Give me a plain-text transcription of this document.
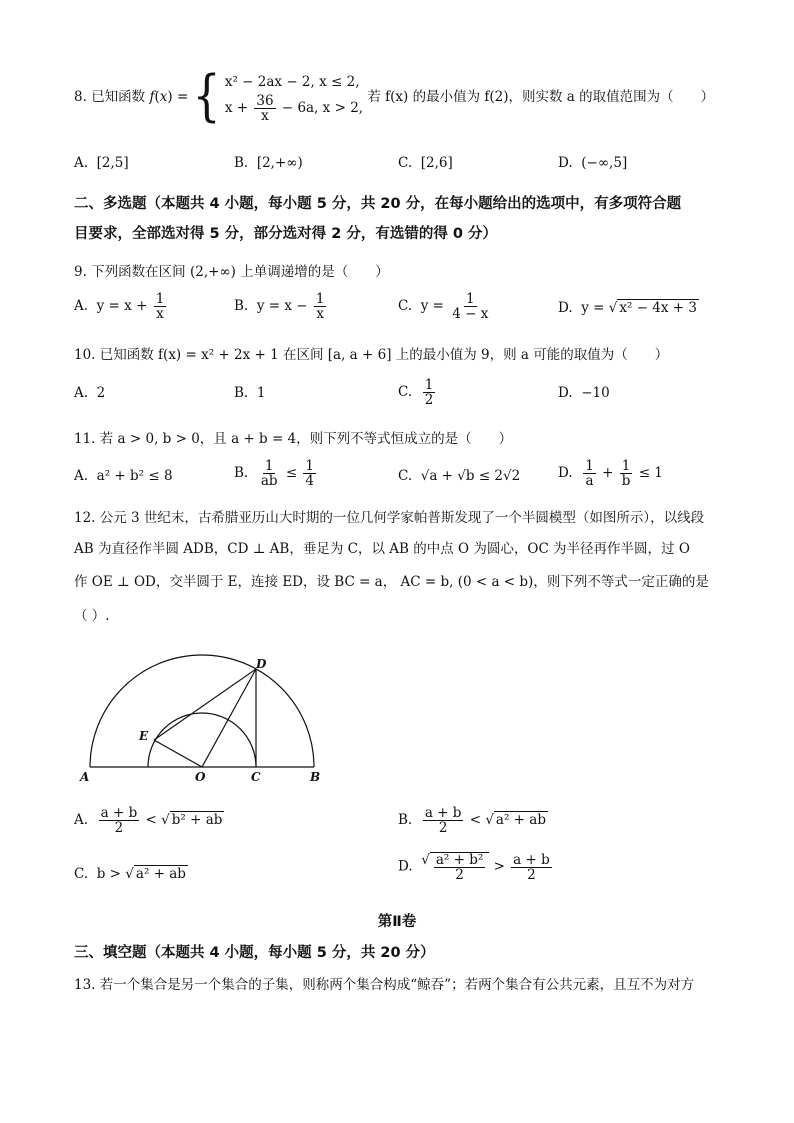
8. 已知函数 f(x) = { x² − 2ax − 2, x ≤ 2,
$x + \frac{36}{x} - 6a$, x > 2,
若 f(x) 的最小值为 f(2)，则实数 a 的取值范围为（　　）
A. [2,5]	B. [2,+∞)	C. [2,6]	D. (−∞,5]
二、多选题（本题共 4 小题，每小题 5 分，共 20 分，在每小题给出的选项中，有多项符合题
目要求，全部选对得 5 分，部分选对得 2 分，有选错的得 0 分）
9. 下列函数在区间 (2,+∞) 上单调递增的是（　　）
A. $y = x + \frac{1}{x}$	B. $y = x - \frac{1}{x}$	C. $y = \frac{1}{4 - x}$	D. y = √ x² − 4x + 3
10. 已知函数 f(x) = x² + 2x + 1 在区间 [a, a + 6] 上的最小值为 9，则 a 可能的取值为（　　）
A. 2	B. 1	C. $\frac{1}{2}$	D. −10
11. 若 a > 0, b > 0，且 a + b = 4，则下列不等式恒成立的是（　　）
A. a² + b² ≤ 8	B. $\frac{1}{ab} \le \frac{1}{4}$	C. √a + √b ≤ 2√2	D. $\frac{1}{a} + \frac{1}{b} \le 1$
12. 公元 3 世纪末，古希腊亚历山大时期的一位几何学家帕普斯发现了一个半圆模型（如图所示），以线段
AB 为直径作半圆 ADB，CD ⊥ AB，垂足为 C，以 AB 的中点 O 为圆心，OC 为半径再作半圆，过 O
作 OE ⊥ OD，交半圆于 E，连接 ED，设 BC = a， AC = b, (0 < a < b)，则下列不等式一定正确的是
（ ）.
A	B
C
D
E
O
A. $\frac{a + b}{2}$ < √ b² + ab	B. $\frac{a + b}{2}$ < √ a² + ab
C. b > √ a² + ab	D. √ $\frac{\text{a² + b²}}{2} > \frac{a + b}{2}$
第Ⅱ卷
三、填空题（本题共 4 小题，每小题 5 分，共 20 分）
13. 若一个集合是另一个集合的子集，则称两个集合构成“鲸吞”；若两个集合有公共元素，且互不为对方
